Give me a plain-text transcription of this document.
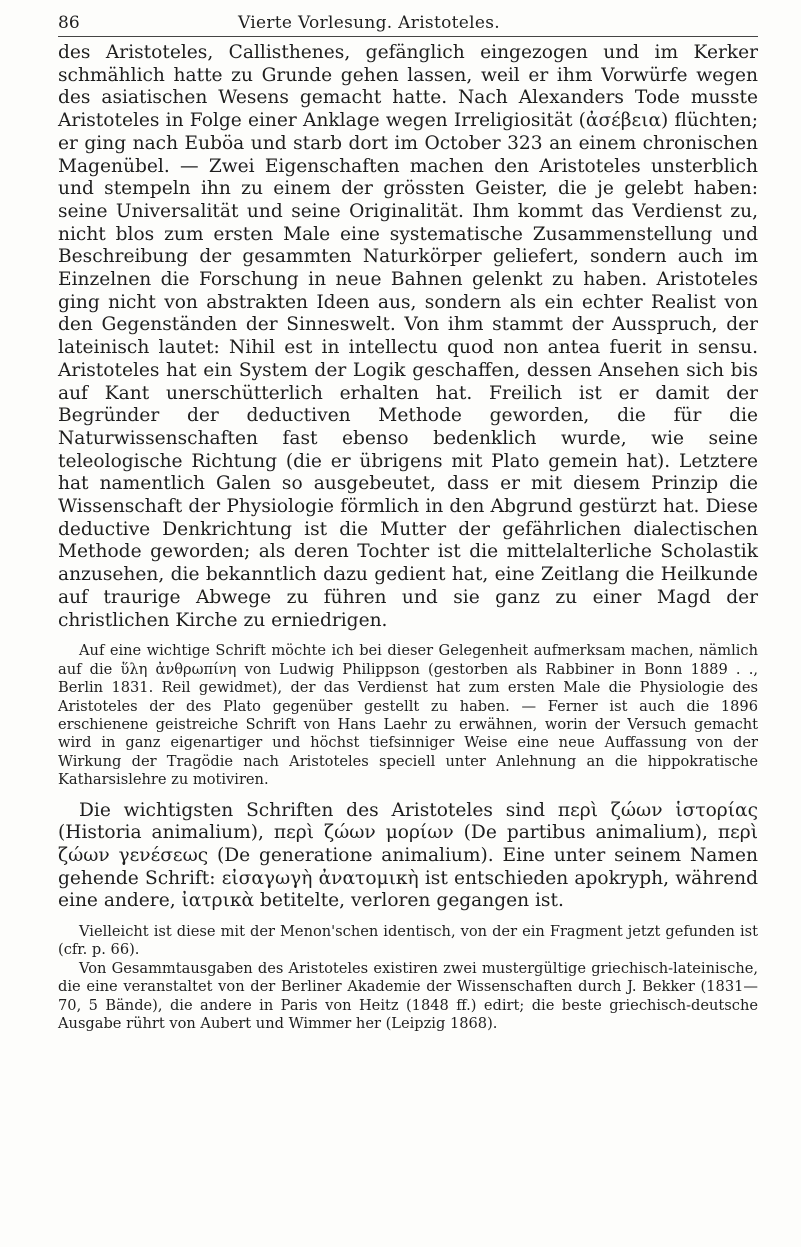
86	Vierte Vorlesung. Aristoteles.

des Aristoteles, Callisthenes, gefänglich eingezogen und im Kerker schmählich hatte zu Grunde gehen lassen, weil er ihm Vorwürfe wegen des asiatischen Wesens gemacht hatte. Nach Alexanders Tode musste Aristoteles in Folge einer Anklage wegen Irreligiosität (ἀσέβεια) flüchten; er ging nach Euböa und starb dort im October 323 an einem chronischen Magenübel. — Zwei Eigenschaften machen den Aristoteles unsterblich und stempeln ihn zu einem der grössten Geister, die je gelebt haben: seine Universalität und seine Originalität. Ihm kommt das Verdienst zu, nicht blos zum ersten Male eine systematische Zusammenstellung und Beschreibung der gesammten Naturkörper geliefert, sondern auch im Einzelnen die Forschung in neue Bahnen gelenkt zu haben. Aristoteles ging nicht von abstrakten Ideen aus, sondern als ein echter Realist von den Gegenständen der Sinneswelt. Von ihm stammt der Ausspruch, der lateinisch lautet: Nihil est in intellectu quod non antea fuerit in sensu. Aristoteles hat ein System der Logik geschaffen, dessen Ansehen sich bis auf Kant unerschütterlich erhalten hat. Freilich ist er damit der Begründer der deductiven Methode geworden, die für die Naturwissenschaften fast ebenso bedenklich wurde, wie seine teleologische Richtung (die er übrigens mit Plato gemein hat). Letztere hat namentlich Galen so ausgebeutet, dass er mit diesem Prinzip die Wissenschaft der Physiologie förmlich in den Abgrund gestürzt hat. Diese deductive Denkrichtung ist die Mutter der gefährlichen dialectischen Methode geworden; als deren Tochter ist die mittelalterliche Scholastik anzusehen, die bekanntlich dazu gedient hat, eine Zeitlang die Heilkunde auf traurige Abwege zu führen und sie ganz zu einer Magd der christlichen Kirche zu erniedrigen.

Auf eine wichtige Schrift möchte ich bei dieser Gelegenheit aufmerksam machen, nämlich auf die ὕλη ἀνθρωπίνη von Ludwig Philippson (gestorben als Rabbiner in Bonn 1889 . ., Berlin 1831. Reil gewidmet), der das Verdienst hat zum ersten Male die Physiologie des Aristoteles der des Plato gegenüber gestellt zu haben. — Ferner ist auch die 1896 erschienene geistreiche Schrift von Hans Laehr zu erwähnen, worin der Versuch gemacht wird in ganz eigenartiger und höchst tiefsinniger Weise eine neue Auffassung von der Wirkung der Tragödie nach Aristoteles speciell unter Anlehnung an die hippokratische Katharsislehre zu motiviren.

Die wichtigsten Schriften des Aristoteles sind περὶ ζώων ἱστορίας (Historia animalium), περὶ ζώων μορίων (De partibus animalium), περὶ ζώων γενέσεως (De generatione animalium). Eine unter seinem Namen gehende Schrift: εἰσαγωγὴ ἀνατομικὴ ist entschieden apokryph, während eine andere, ἰατρικὰ betitelte, verloren gegangen ist.

Vielleicht ist diese mit der Menon'schen identisch, von der ein Fragment jetzt gefunden ist (cfr. p. 66).

Von Gesammtausgaben des Aristoteles existiren zwei mustergültige griechisch-lateinische, die eine veranstaltet von der Berliner Akademie der Wissenschaften durch J. Bekker (1831—70, 5 Bände), die andere in Paris von Heitz (1848 ff.) edirt; die beste griechisch-deutsche Ausgabe rührt von Aubert und Wimmer her (Leipzig 1868).
